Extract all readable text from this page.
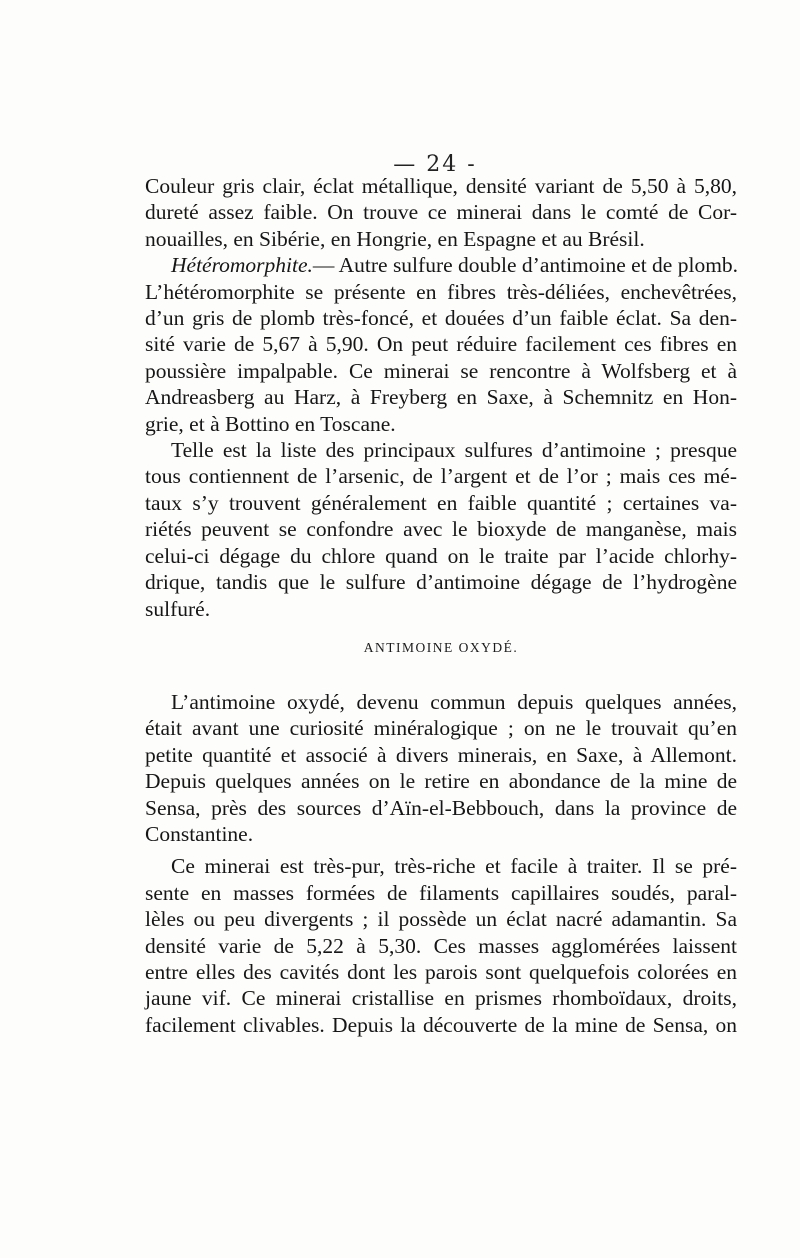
— 24 -

Couleur gris clair, éclat métallique, densité variant de 5,50 à 5,80,
dureté assez faible. On trouve ce minerai dans le comté de Cor-
nouailles, en Sibérie, en Hongrie, en Espagne et au Brésil.

Hétéromorphite.— Autre sulfure double d’antimoine et de plomb.
L’hétéromorphite se présente en fibres très-déliées, enchevêtrées,
d’un gris de plomb très-foncé, et douées d’un faible éclat. Sa den-
sité varie de 5,67 à 5,90. On peut réduire facilement ces fibres en
poussière impalpable. Ce minerai se rencontre à Wolfsberg et à
Andreasberg au Harz, à Freyberg en Saxe, à Schemnitz en Hon-
grie, et à Bottino en Toscane.

Telle est la liste des principaux sulfures d’antimoine ; presque
tous contiennent de l’arsenic, de l’argent et de l’or ; mais ces mé-
taux s’y trouvent généralement en faible quantité ; certaines va-
riétés peuvent se confondre avec le bioxyde de manganèse, mais
celui-ci dégage du chlore quand on le traite par l’acide chlorhy-
drique, tandis que le sulfure d’antimoine dégage de l’hydrogène
sulfuré.

ANTIMOINE OXYDÉ.

L’antimoine oxydé, devenu commun depuis quelques années,
était avant une curiosité minéralogique ; on ne le trouvait qu’en
petite quantité et associé à divers minerais, en Saxe, à Allemont.
Depuis quelques années on le retire en abondance de la mine de
Sensa, près des sources d’Aïn-el-Bebbouch, dans la province de
Constantine.

Ce minerai est très-pur, très-riche et facile à traiter. Il se pré-
sente en masses formées de filaments capillaires soudés, paral-
lèles ou peu divergents ; il possède un éclat nacré adamantin. Sa
densité varie de 5,22 à 5,30. Ces masses agglomérées laissent
entre elles des cavités dont les parois sont quelquefois colorées en
jaune vif. Ce minerai cristallise en prismes rhomboïdaux, droits,
facilement clivables. Depuis la découverte de la mine de Sensa, on
